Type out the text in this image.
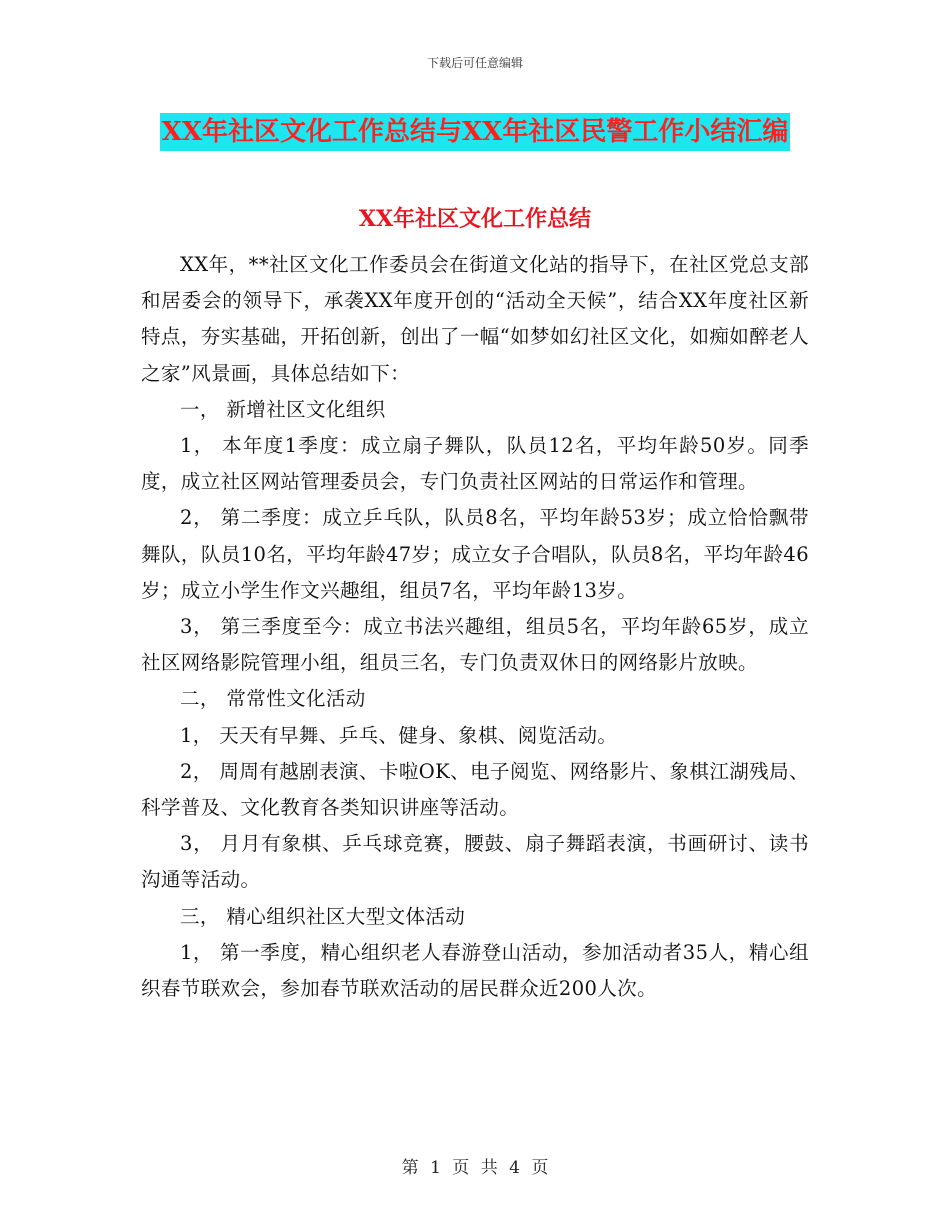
下载后可任意编辑
XX年社区文化工作总结与XX年社区民警工作小结汇编
XX年社区文化工作总结

XX年，**社区文化工作委员会在街道文化站的指导下，在社区党总支部和居委会的领导下，承袭XX年度开创的“活动全天候”，结合XX年度社区新特点，夯实基础，开拓创新，创出了一幅“如梦如幻社区文化，如痴如醉老人之家”风景画，具体总结如下：

一， 新增社区文化组织

1， 本年度1季度：成立扇子舞队，队员12名，平均年龄50岁。同季度，成立社区网站管理委员会，专门负责社区网站的日常运作和管理。

2， 第二季度：成立乒乓队，队员8名，平均年龄53岁；成立恰恰飘带舞队，队员10名，平均年龄47岁；成立女子合唱队，队员8名，平均年龄46岁；成立小学生作文兴趣组，组员7名，平均年龄13岁。

3， 第三季度至今：成立书法兴趣组，组员5名，平均年龄65岁，成立社区网络影院管理小组，组员三名，专门负责双休日的网络影片放映。

二， 常常性文化活动

1， 天天有早舞、乒乓、健身、象棋、阅览活动。

2， 周周有越剧表演、卡啦OK、电子阅览、网络影片、象棋江湖残局、科学普及、文化教育各类知识讲座等活动。

3， 月月有象棋、乒乓球竞赛，腰鼓、扇子舞蹈表演，书画研讨、读书沟通等活动。

三， 精心组织社区大型文体活动

1， 第一季度，精心组织老人春游登山活动，参加活动者35人，精心组织春节联欢会，参加春节联欢活动的居民群众近200人次。

第 1 页 共 4 页
